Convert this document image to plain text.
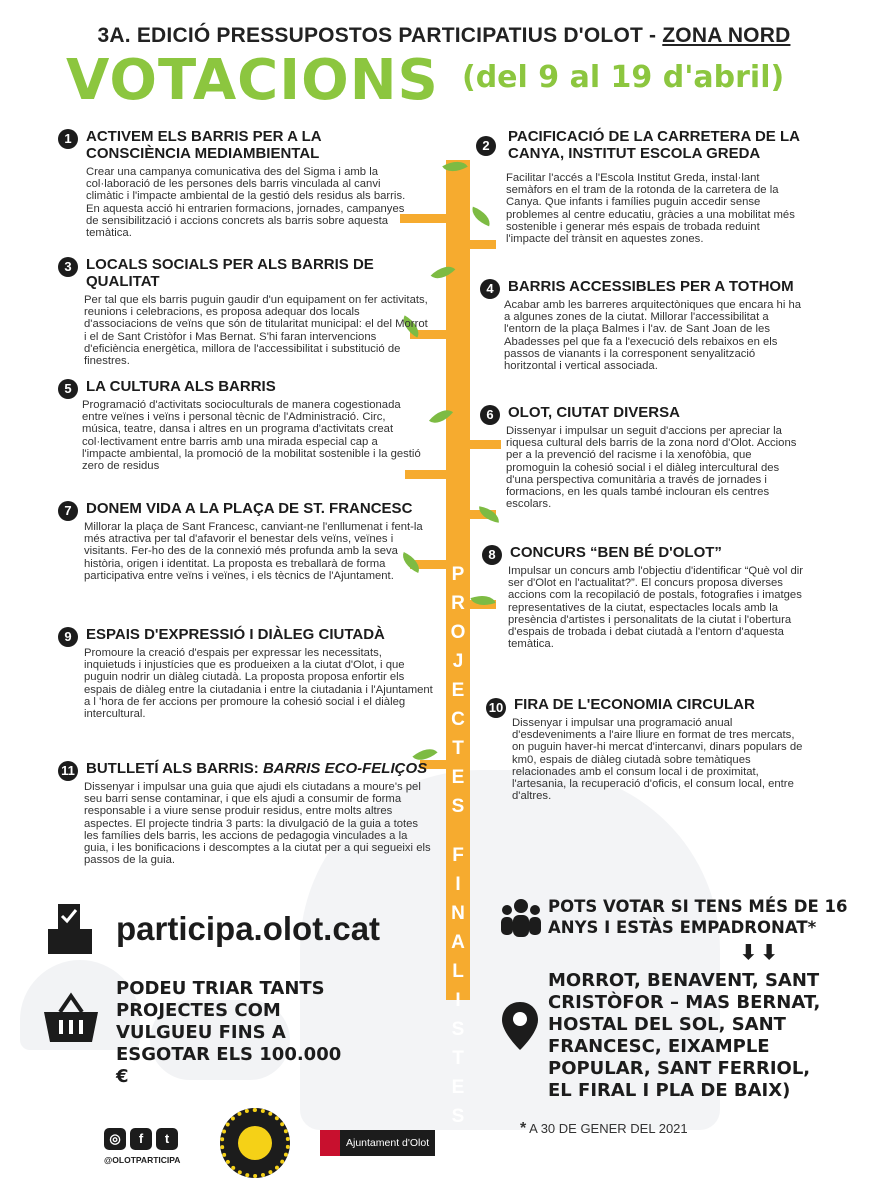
3A. EDICIÓ PRESSUPOSTOS PARTICIPATIUS D'OLOT - ZONA NORD
VOTACIONS (del 9 al 19 d'abril)
P
R
O
J
E
C
T
E
S
F
I
N
A
L
I
S
T
E
S
1 ACTIVEM ELS BARRIS PER A LA CONSCIÈNCIA MEDIAMBIENTAL
Crear una campanya comunicativa des del Sigma i amb la col·laboració de les persones dels barris vinculada al canvi climàtic i l'impacte ambiental de la gestió dels residus als barris. En aquesta acció hi entrarien formacions, jornades, campanyes de sensibilització i accions concrets als barris sobre aquesta temàtica.
2
PACIFICACIÓ DE LA CARRETERA DE LA CANYA, INSTITUT ESCOLA GREDA
Facilitar l'accés a l'Escola Institut Greda, instal·lant semàfors en el tram de la rotonda de la carretera de la Canya. Que infants i famílies puguin accedir sense problemes al centre educatiu, gràcies a una mobilitat més sostenible i generar més espais de trobada reduint l'impacte del trànsit en aquestes zones.
3 LOCALS SOCIALS PER ALS BARRIS DE QUALITAT
Per tal que els barris puguin gaudir d'un equipament on fer activitats, reunions i celebracions, es proposa adequar dos locals d'associacions de veïns que són de titularitat municipal: el del Morrot i el de Sant Cristòfor i Mas Bernat. S'hi faran intervencions d'eficiència energètica, millora de l'accessibilitat i substitució de finestres.
4 BARRIS ACCESSIBLES PER A TOTHOM
Acabar amb les barreres arquitectòniques que encara hi ha a algunes zones de la ciutat. Millorar l'accessibilitat a l'entorn de la plaça Balmes i l'av. de Sant Joan de les Abadesses pel que fa a l'execució dels rebaixos en els passos de vianants i la corresponent senyalització horitzontal i vertical associada.
5 LA CULTURA ALS BARRIS
Programació d'activitats socioculturals de manera cogestionada entre veïnes i veïns i personal tècnic de l'Administració. Circ, música, teatre, dansa i altres en un programa d'activitats creat col·lectivament entre barris amb una mirada especial cap a l'impacte ambiental, la promoció de la mobilitat sostenible i la gestió zero de residus
6 OLOT, CIUTAT DIVERSA
Dissenyar i impulsar un seguit d'accions per apreciar la riquesa cultural dels barris de la zona nord d'Olot. Accions per a la prevenció del racisme i la xenofòbia, que promoguin la cohesió social i el diàleg intercultural des d'una perspectiva comunitària a través de jornades i formacions, en les quals també inclouran els centres escolars.
7 DONEM VIDA A LA PLAÇA DE ST. FRANCESC
Millorar la plaça de Sant Francesc, canviant-ne l'enllumenat i fent-la més atractiva per tal d'afavorir el benestar dels veïns, veïnes i visitants. Fer-ho des de la connexió més profunda amb la seva història, origen i identitat. La proposta es treballarà de forma participativa entre veïns i veïnes, i els tècnics de l'Ajuntament.
8 CONCURS “BEN BÉ D'OLOT”
Impulsar un concurs amb l'objectiu d'identificar “Què vol dir ser d'Olot en l'actualitat?”. El concurs proposa diverses accions com la recopilació de postals, fotografies i imatges representatives de la ciutat, espectacles locals amb la presència d'artistes i personalitats de la ciutat i l'obertura d'espais de trobada i debat ciutadà a l'entorn d'aquesta temàtica.
9 ESPAIS D'EXPRESSIÓ I DIÀLEG CIUTADÀ
Promoure la creació d'espais per expressar les necessitats, inquietuds i injustícies que es produeixen a la ciutat d'Olot, i que puguin nodrir un diàleg ciutadà. La proposta proposa enfortir els espais de diàleg entre la ciutadania i entre la ciutadania i l'Ajuntament a l 'hora de fer accions per promoure la cohesió social i el diàleg intercultural.	10 FIRA DE L'ECONOMIA CIRCULAR
Dissenyar i impulsar una programació anual d'esdeveniments a l'aire lliure en format de tres mercats, on puguin haver-hi mercat d'intercanvi, dinars populars de km0, espais de diàleg ciutadà sobre temàtiques relacionades amb el consum local i de proximitat, l'artesania, la recuperació d'oficis, el consum local, entre d'altres.
11 BUTLLETÍ ALS BARRIS: BARRIS ECO-FELIÇOS
Dissenyar i impulsar una guia que ajudi els ciutadans a moure's pel seu barri sense contaminar, i que els ajudi a consumir de forma responsable i a viure sense produir residus, entre molts altres aspectes. El projecte tindria 3 parts: la divulgació de la guia a totes les famílies dels barris, les accions de pedagogia vinculades a la guia, i les bonificacions i descomptes a la ciutat per a qui segueixi els passos de la guia.
participa.olot.cat
PODEU TRIAR TANTS PROJECTES COM VULGUEU FINS A ESGOTAR ELS 100.000 €
POTS VOTAR SI TENS MÉS DE 16 ANYS I ESTÀS EMPADRONAT*
⬇⬇
MORROT, BENAVENT, SANT CRISTÒFOR – MAS BERNAT, HOSTAL DEL SOL, SANT FRANCESC, EIXAMPLE POPULAR, SANT FERRIOL, EL FIRAL I PLA DE BAIX)
* A 30 DE GENER DEL 2021
◎	f	t
@OLOTPARTICIPA
Ajuntament d'Olot
